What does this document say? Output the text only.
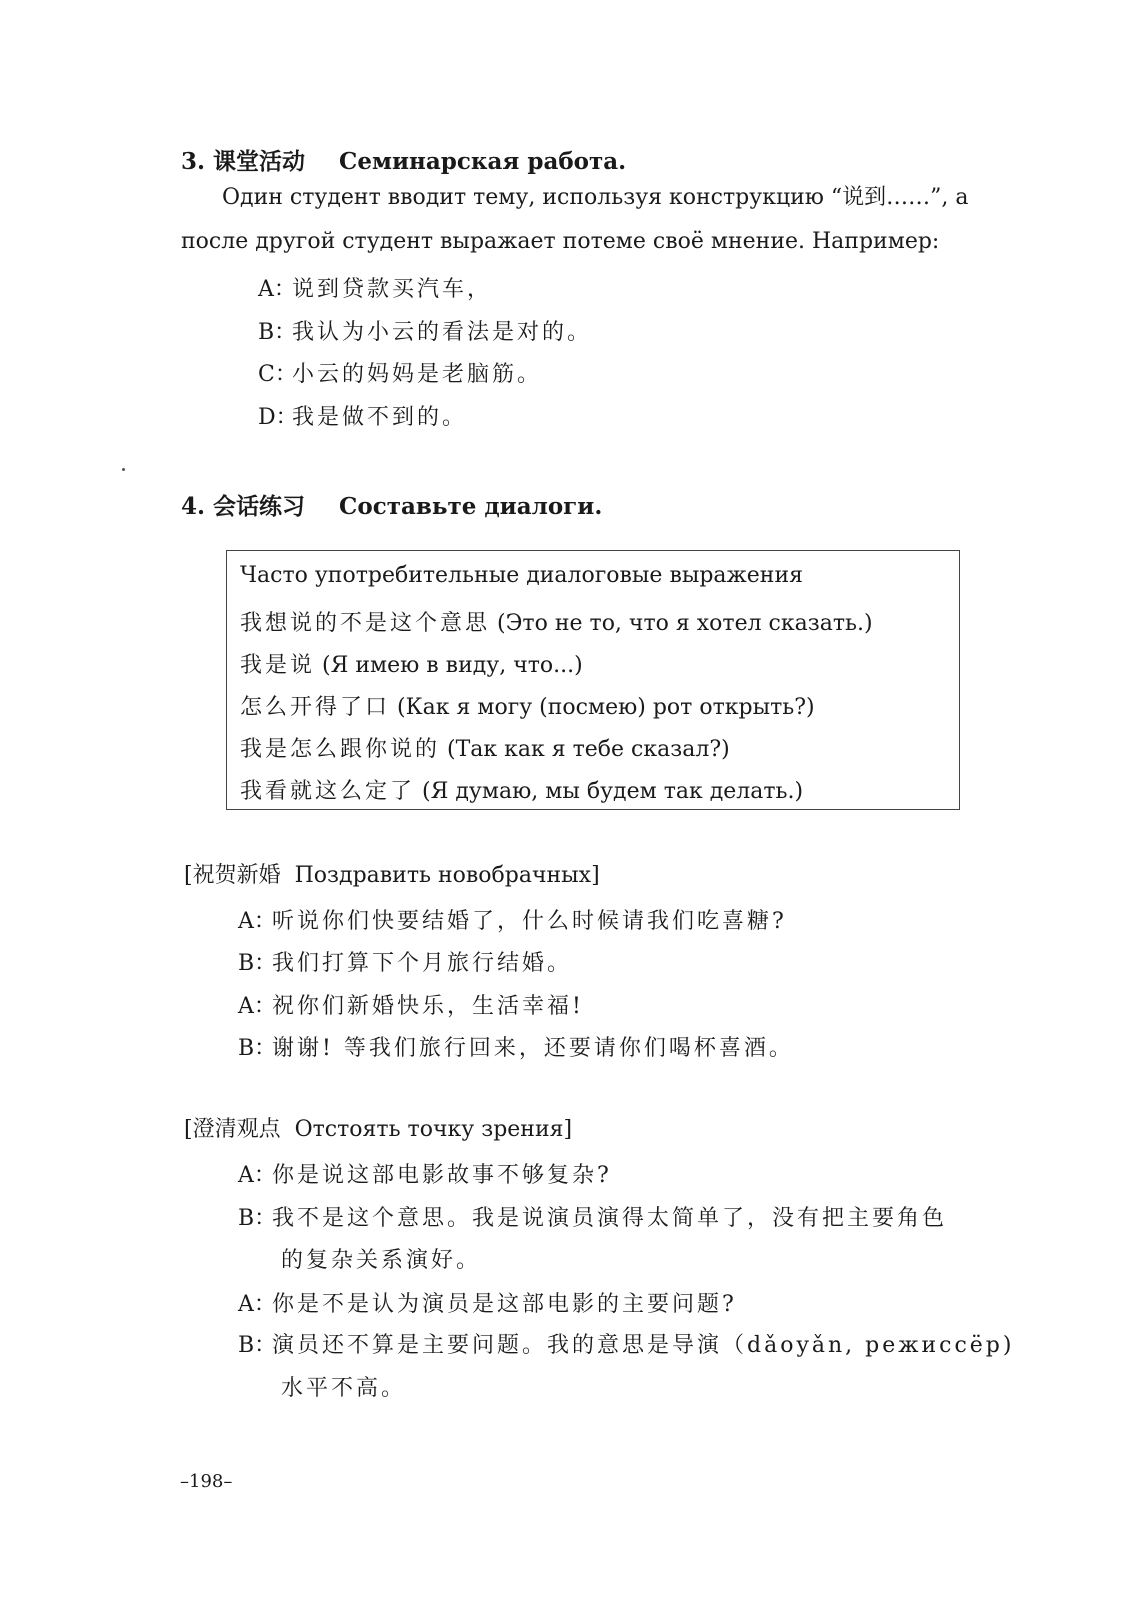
3. 课堂活动 Семинарская работа.
Один студент вводит тему, используя конструкцию “说到……”, а
после другой студент выражает потеме своё мнение. Например:
A：说到贷款买汽车，
B：我认为小云的看法是对的。
C：小云的妈妈是老脑筋。
D：我是做不到的。
4. 会话练习 Составьте диалоги.
Часто употребительные диалоговые выражения
我想说的不是这个意思 (Это не то, что я хотел сказать.)
我是说 (Я имею в виду, что...)
怎么开得了口 (Как я могу (посмею) рот открыть?)
我是怎么跟你说的 (Так как я тебе сказал?)
我看就这么定了 (Я думаю, мы будем так делать.)
[祝贺新婚 Поздравить новобрачных]
A：听说你们快要结婚了，什么时候请我们吃喜糖?
B：我们打算下个月旅行结婚。
A：祝你们新婚快乐，生活幸福!
B：谢谢! 等我们旅行回来，还要请你们喝杯喜酒。
[澄清观点 Отстоять точку зрения]
A：你是说这部电影故事不够复杂?
B：我不是这个意思。我是说演员演得太简单了，没有把主要角色
的复杂关系演好。
A：你是不是认为演员是这部电影的主要问题?
B：演员还不算是主要问题。我的意思是导演（dǎoyǎn, режиссёр)
水平不高。
–198–
